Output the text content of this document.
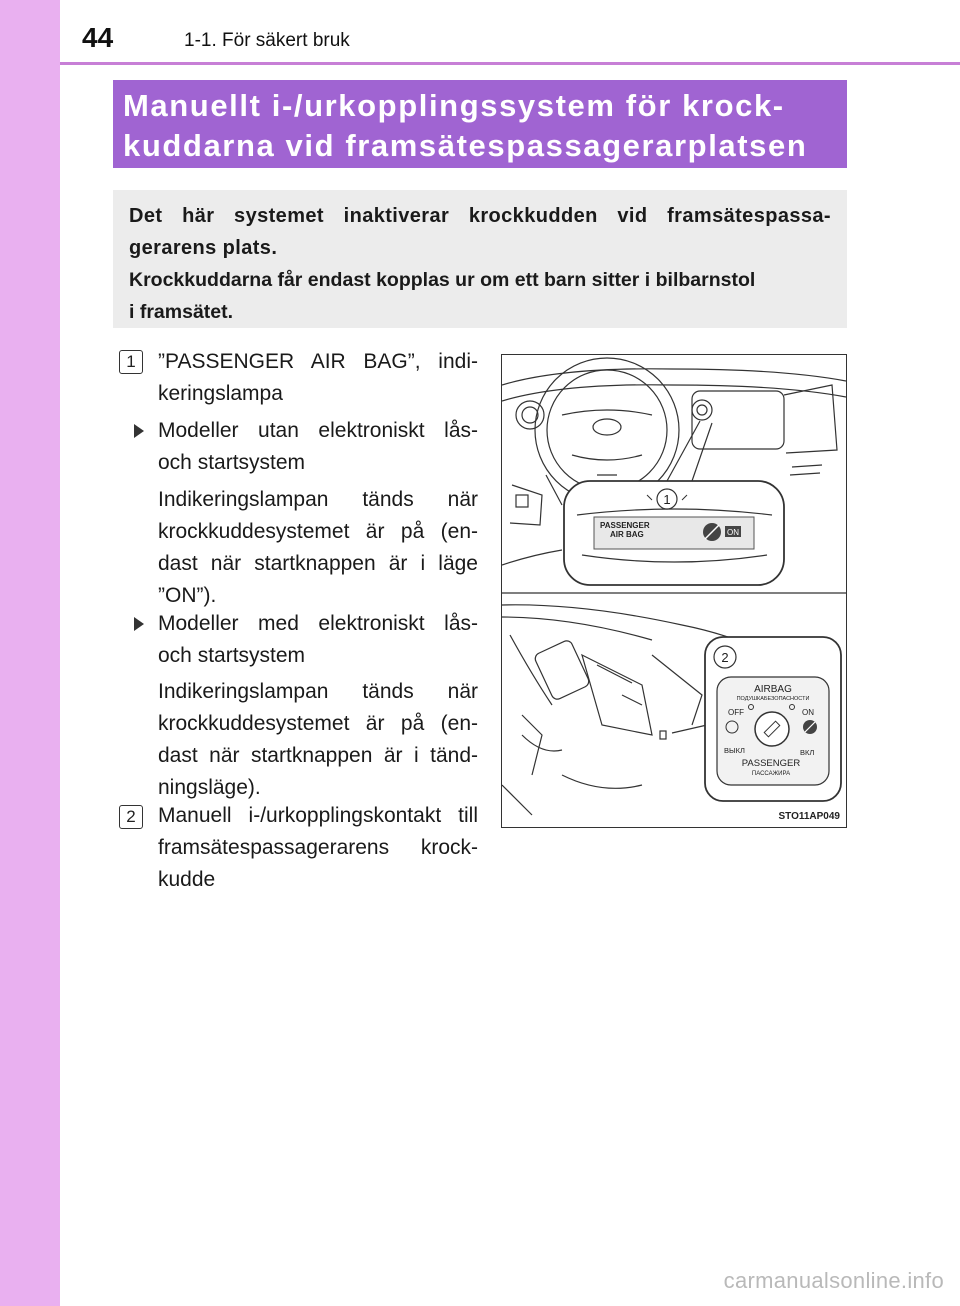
44	1-1. För säkert bruk
Manuellt i-/urkopplingssystem för krock-
kuddarna vid framsätespassagerarplatsen

Det här systemet inaktiverar krockkudden vid framsätespassa-

gerarens plats.

Krockkuddarna får endast kopplas ur om ett barn sitter i bilbarnstol

i framsätet.

1	”PASSENGER AIR BAG”, indi-
keringslampa
Modeller utan elektroniskt lås-
och startsystem
Indikeringslampan tänds när
krockkuddesystemet är på (en-
dast när startknappen är i läge
”ON”).
Modeller med elektroniskt lås-
och startsystem
Indikeringslampan tänds när
krockkuddesystemet är på (en-
dast när startknappen är i tänd-
ningsläge).
2	Manuell i-/urkopplingskontakt till
framsätespassagerarens krock-
kudde
1
PASSENGER
AIR BAG	ON
2
AIRBAG
ПОДУШКАБЕЗОПАСНОСТИ
OFF	ON
ВЫКЛ	ВКЛ
PASSENGER
ПАССАЖИРА
STO11AP049
carmanualsonline.info
